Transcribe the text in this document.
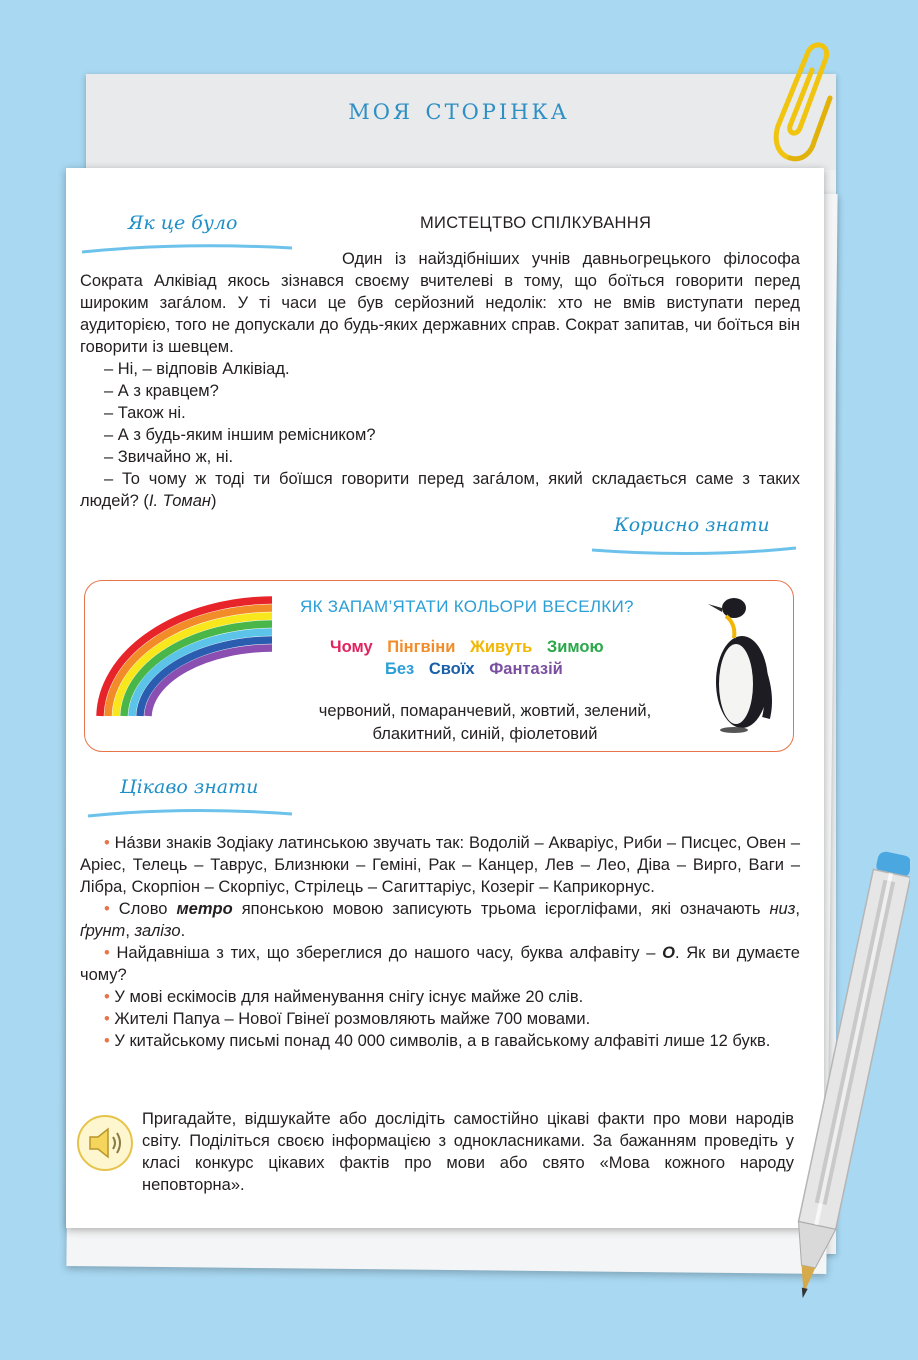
моя сторінка
Як це було	МИСТЕЦТВО СПІЛКУВАННЯ

Один із найздібніших учнів давньогрецького філософа Сократа Алківіад якось зізнався своєму вчителеві в тому, що боїться говорити перед широким загáлом. У ті часи це був серйозний недолік: хто не вмів виступати перед аудиторією, того не допускали до будь-яких державних справ. Сократ запитав, чи боїться він говорити із шевцем.

– Ні, – відповів Алківіад.

– А з кравцем?

– Також ні.

– А з будь-яким іншим ремісником?

– Звичайно ж, ні.

– То чому ж тоді ти боїшся говорити перед загáлом, який складається саме з таких людей? (І. Томан)

Корисно знати
ЯК ЗАПАМ’ЯТАТИ КОЛЬОРИ ВЕСЕЛКИ?
Чому Пінгвіни Живуть Зимою
Без Своїх Фантазій
червоний, помаранчевий, жовтий, зелений,
блакитний, синій, фіолетовий
Цікаво знати

• Нáзви знаків Зодіаку латинською звучать так: Водолій – Акваріус, Риби – Писцес, Овен – Аріес, Телець – Таврус, Близнюки – Геміні, Рак – Канцер, Лев – Лео, Діва – Вирго, Ваги – Лібра, Скорпіон – Скорпіус, Стрілець – Сагиттаріус, Козеріг – Каприкорнус.

• Слово метро японською мовою записують трьома ієрогліфами, які означають низ, ґрунт, залізо.

• Найдавніша з тих, що збереглися до нашого часу, буква алфавіту – О. Як ви думаєте чому?

• У мові ескімосів для найменування снігу існує майже 20 слів.

• Жителі Папуа – Нової Гвінеї розмовляють майже 700 мовами.

• У китайському письмі понад 40 000 символів, а в гавайському алфавіті лише 12 букв.

Пригадайте, відшукайте або дослідіть самостійно цікаві факти про мови народів світу. Поділіться своєю інформацією з однокласниками. За бажанням проведіть у класі конкурс цікавих фактів про мови або свято «Мова кожного народу неповторна».
